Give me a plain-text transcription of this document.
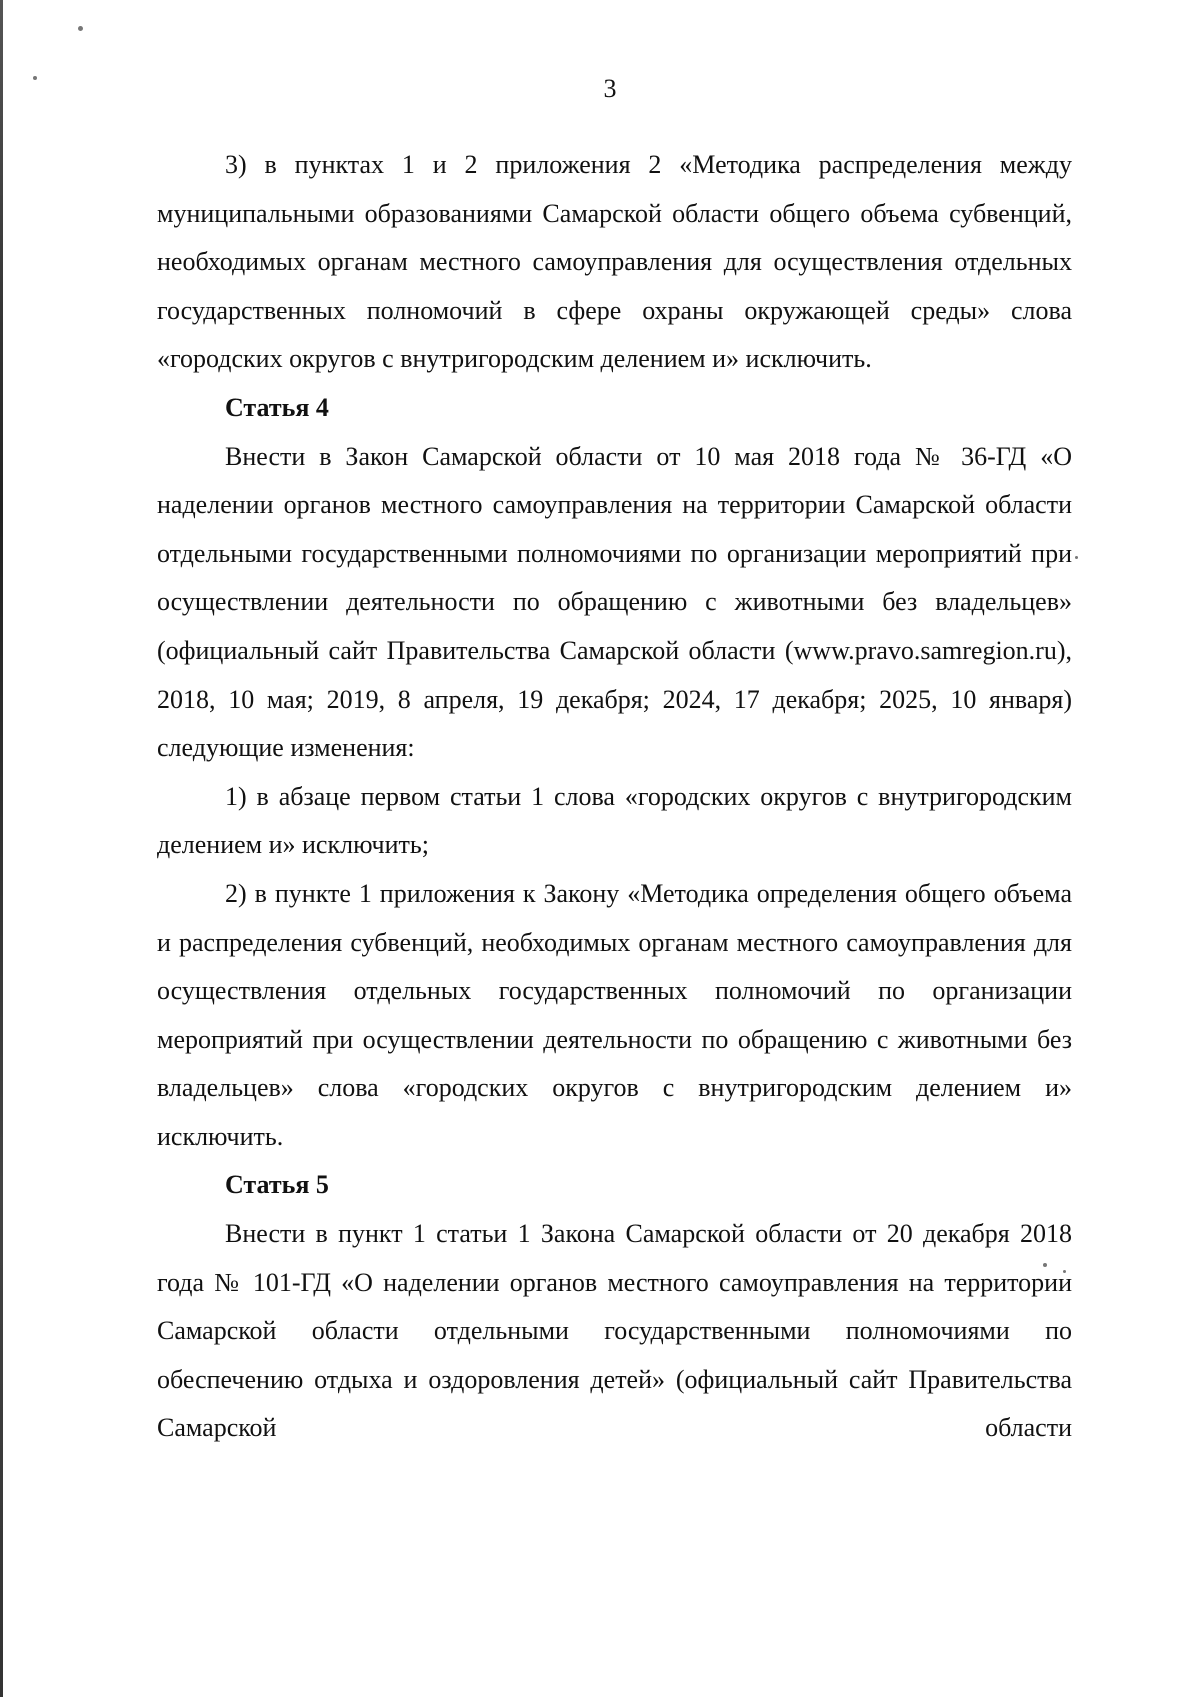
3

3) в пунктах 1 и 2 приложения 2 «Методика распределения между муниципальными образованиями Самарской области общего объема субвенций, необходимых органам местного самоуправления для осуществления отдельных государственных полномочий в сфере охраны окружающей среды» слова «городских округов с внутригородским делением и» исключить.

Статья 4

Внести в Закон Самарской области от 10 мая 2018 года № 36-ГД «О наделении органов местного самоуправления на территории Самарской области отдельными государственными полномочиями по организации мероприятий при осуществлении деятельности по обращению с животными без владельцев» (официальный сайт Правительства Самарской области (www.pravo.samregion.ru), 2018, 10 мая; 2019, 8 апреля, 19 декабря; 2024, 17 декабря; 2025, 10 января) следующие изменения:

1) в абзаце первом статьи 1 слова «городских округов с внутригородским делением и» исключить;

2) в пункте 1 приложения к Закону «Методика определения общего объема и распределения субвенций, необходимых органам местного самоуправления для осуществления отдельных государственных полномочий по организации мероприятий при осуществлении деятельности по обращению с животными без владельцев» слова «городских округов с внутригородским делением и» исключить.

Статья 5

Внести в пункт 1 статьи 1 Закона Самарской области от 20 декабря 2018 года № 101-ГД «О наделении органов местного самоуправления на территории Самарской области отдельными государственными полномочиями по обеспечению отдыха и оздоровления детей» (официальный сайт Правительства Самарской области
